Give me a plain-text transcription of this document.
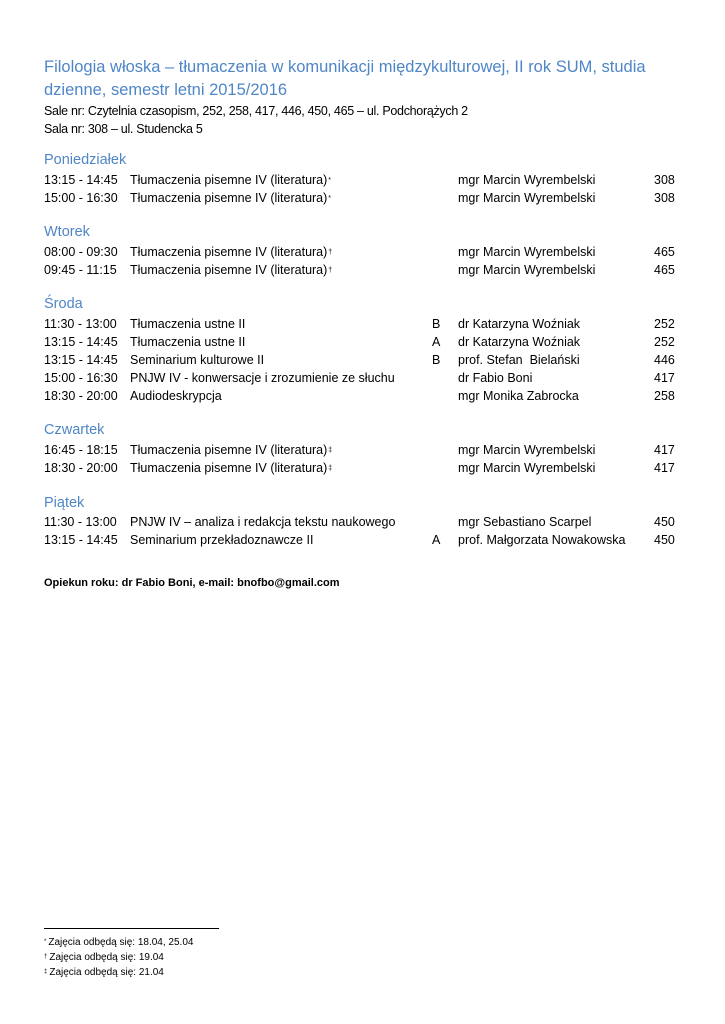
Filologia włoska – tłumaczenia w komunikacji międzykulturowej, II rok SUM, studia dzienne, semestr letni 2015/2016
Sale nr: Czytelnia czasopism, 252, 258, 417, 446, 450, 465 – ul. Podchorążych 2
Sala nr: 308 – ul. Studencka 5
Poniedziałek
13:15 - 14:45 Tłumaczenia pisemne IV (literatura)*	mgr Marcin Wyrembelski	308
15:00 - 16:30 Tłumaczenia pisemne IV (literatura)*	mgr Marcin Wyrembelski	308
Wtorek
08:00 - 09:30 Tłumaczenia pisemne IV (literatura)†	mgr Marcin Wyrembelski	465
09:45 - 11:15 Tłumaczenia pisemne IV (literatura)†	mgr Marcin Wyrembelski	465
Środa
11:30 - 13:00 Tłumaczenia ustne II	B dr Katarzyna Woźniak	252
13:15 - 14:45 Tłumaczenia ustne II	A dr Katarzyna Woźniak	252
13:15 - 14:45 Seminarium kulturowe II	B prof. Stefan  Bielański	446
15:00 - 16:30 PNJW IV - konwersacje i zrozumienie ze słuchu	dr Fabio Boni	417
18:30 - 20:00 Audiodeskrypcja	mgr Monika Zabrocka	258
Czwartek
16:45 - 18:15 Tłumaczenia pisemne IV (literatura)‡	mgr Marcin Wyrembelski	417
18:30 - 20:00 Tłumaczenia pisemne IV (literatura)‡	mgr Marcin Wyrembelski	417
Piątek
11:30 - 13:00 PNJW IV – analiza i redakcja tekstu naukowego	mgr Sebastiano Scarpel	450
13:15 - 14:45 Seminarium przekładoznawcze II	A prof. Małgorzata Nowakowska 450
Opiekun roku: dr Fabio Boni, e-mail: bnofbo@gmail.com
* Zajęcia odbędą się: 18.04, 25.04
† Zajęcia odbędą się: 19.04
‡ Zajęcia odbędą się: 21.04
